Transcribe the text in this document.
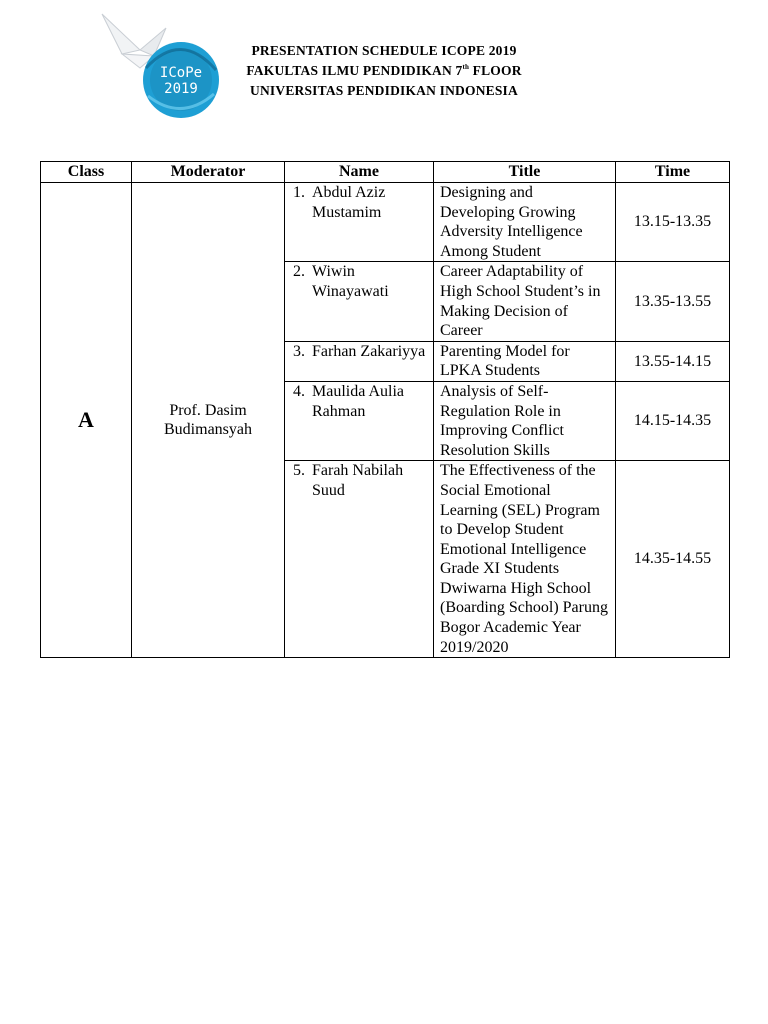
ICoPe
2019
PRESENTATION SCHEDULE ICOPE 2019
FAKULTAS ILMU PENDIDIKAN 7th FLOOR
UNIVERSITAS PENDIDIKAN INDONESIA
Class	Moderator	Name	Title	Time
A	Prof. Dasim Budimansyah	1. Abdul Aziz Mustamim	Designing and Developing Growing Adversity Intelligence Among Student	13.15-13.35

		2. Wiwin Winayawati	Career Adaptability of High School Student’s in Making Decision of Career	13.35-13.55

		3. Farhan Zakariyya	Parenting Model for LPKA Students	13.55-14.15

		4. Maulida Aulia Rahman	Analysis of Self-Regulation Role in Improving Conflict Resolution Skills	14.15-14.35

		5. Farah Nabilah Suud	The Effectiveness of the Social Emotional Learning (SEL) Program to Develop Student Emotional Intelligence Grade XI Students Dwiwarna High School (Boarding School) Parung Bogor Academic Year 2019/2020	14.35-14.55
